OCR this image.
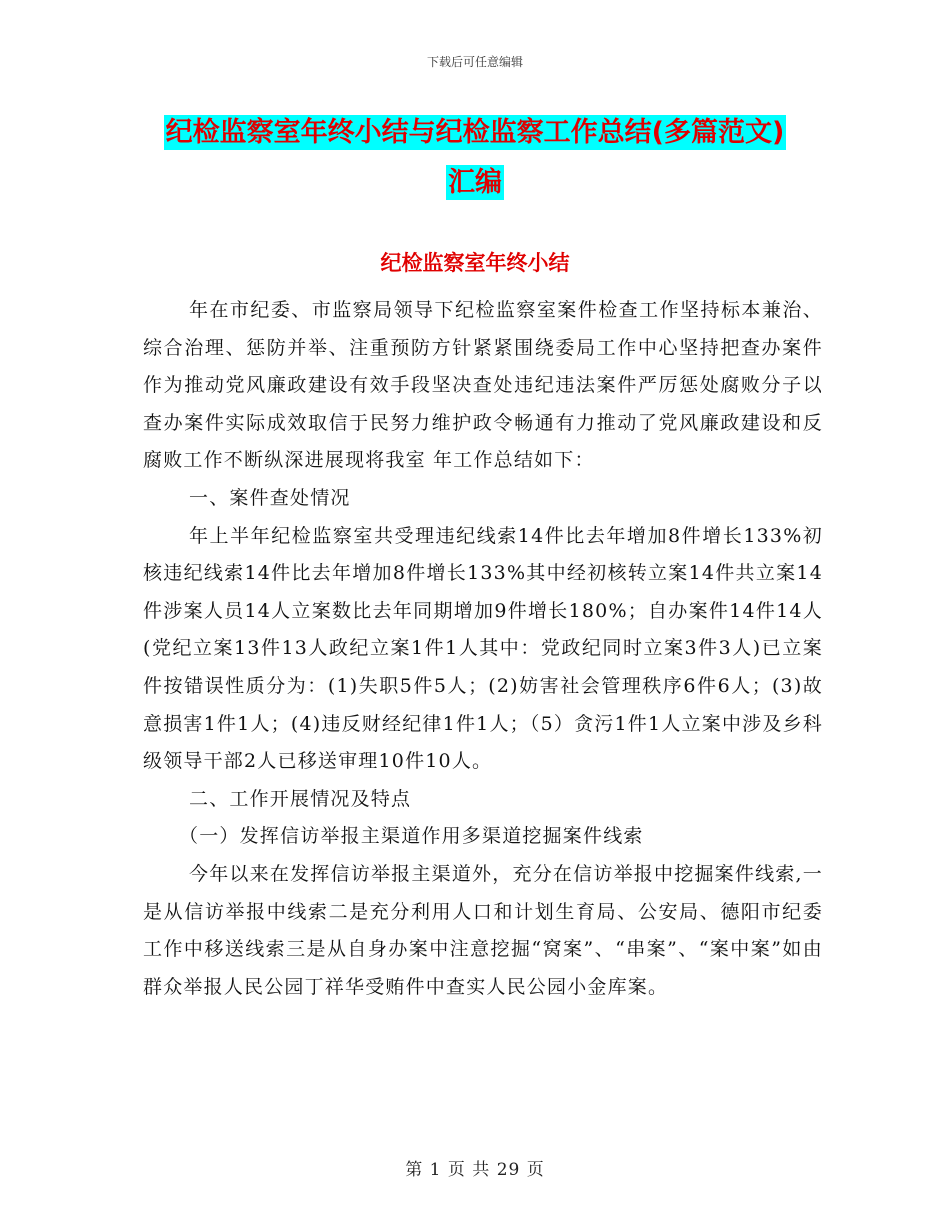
下载后可任意编辑
纪检监察室年终小结与纪检监察工作总结(多篇范文)
汇编
纪检监察室年终小结

年在市纪委、市监察局领导下纪检监察室案件检查工作坚持标本兼治、综合治理、惩防并举、注重预防方针紧紧围绕委局工作中心坚持把查办案件作为推动党风廉政建设有效手段坚决查处违纪违法案件严厉惩处腐败分子以查办案件实际成效取信于民努力维护政令畅通有力推动了党风廉政建设和反腐败工作不断纵深进展现将我室 年工作总结如下：

一、案件查处情况

年上半年纪检监察室共受理违纪线索14件比去年增加8件增长133%初核违纪线索14件比去年增加8件增长133%其中经初核转立案14件共立案14件涉案人员14人立案数比去年同期增加9件增长180%；自办案件14件14人(党纪立案13件13人政纪立案1件1人其中：党政纪同时立案3件3人)已立案件按错误性质分为：(1)失职5件5人；(2)妨害社会管理秩序6件6人；(3)故意损害1件1人；(4)违反财经纪律1件1人；（5）贪污1件1人立案中涉及乡科级领导干部2人已移送审理10件10人。

二、工作开展情况及特点

（一）发挥信访举报主渠道作用多渠道挖掘案件线索

今年以来在发挥信访举报主渠道外，充分在信访举报中挖掘案件线索,一是从信访举报中线索二是充分利用人口和计划生育局、公安局、德阳市纪委工作中移送线索三是从自身办案中注意挖掘“窝案”、“串案”、“案中案”如由群众举报人民公园丁祥华受贿件中查实人民公园小金库案。

第 1 页 共 29 页
